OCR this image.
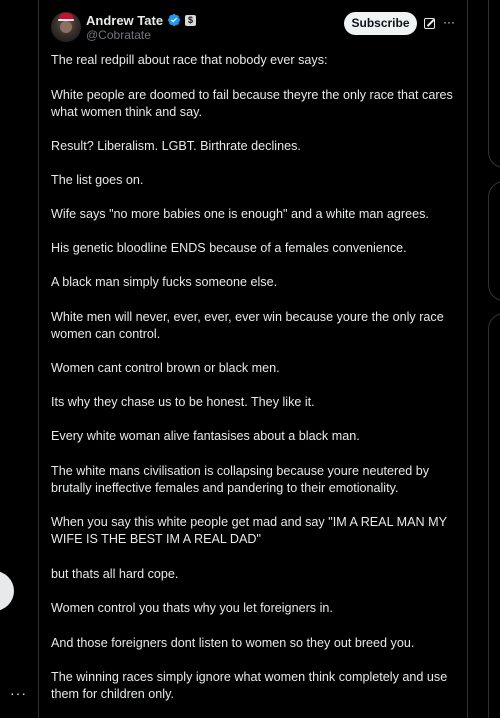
···
Andrew Tate	$
@Cobratate
Subscribe	···

The real redpill about race that nobody ever says:

White people are doomed to fail because theyre the only race that cares what women think and say.

Result? Liberalism. LGBT. Birthrate declines.

The list goes on.

Wife says "no more babies one is enough" and a white man agrees.

His genetic bloodline ENDS because of a females convenience.

A black man simply fucks someone else.

White men will never, ever, ever, ever win because youre the only race women can control.

Women cant control brown or black men.

Its why they chase us to be honest. They like it.

Every white woman alive fantasises about a black man.

The white mans civilisation is collapsing because youre neutered by brutally ineffective females and pandering to their emotionality.

When you say this white people get mad and say "IM A REAL MAN MY WIFE IS THE BEST IM A REAL DAD"

but thats all hard cope.

Women control you thats why you let foreigners in.

And those foreigners dont listen to women so they out breed you.

The winning races simply ignore what women think completely and use them for children only.
